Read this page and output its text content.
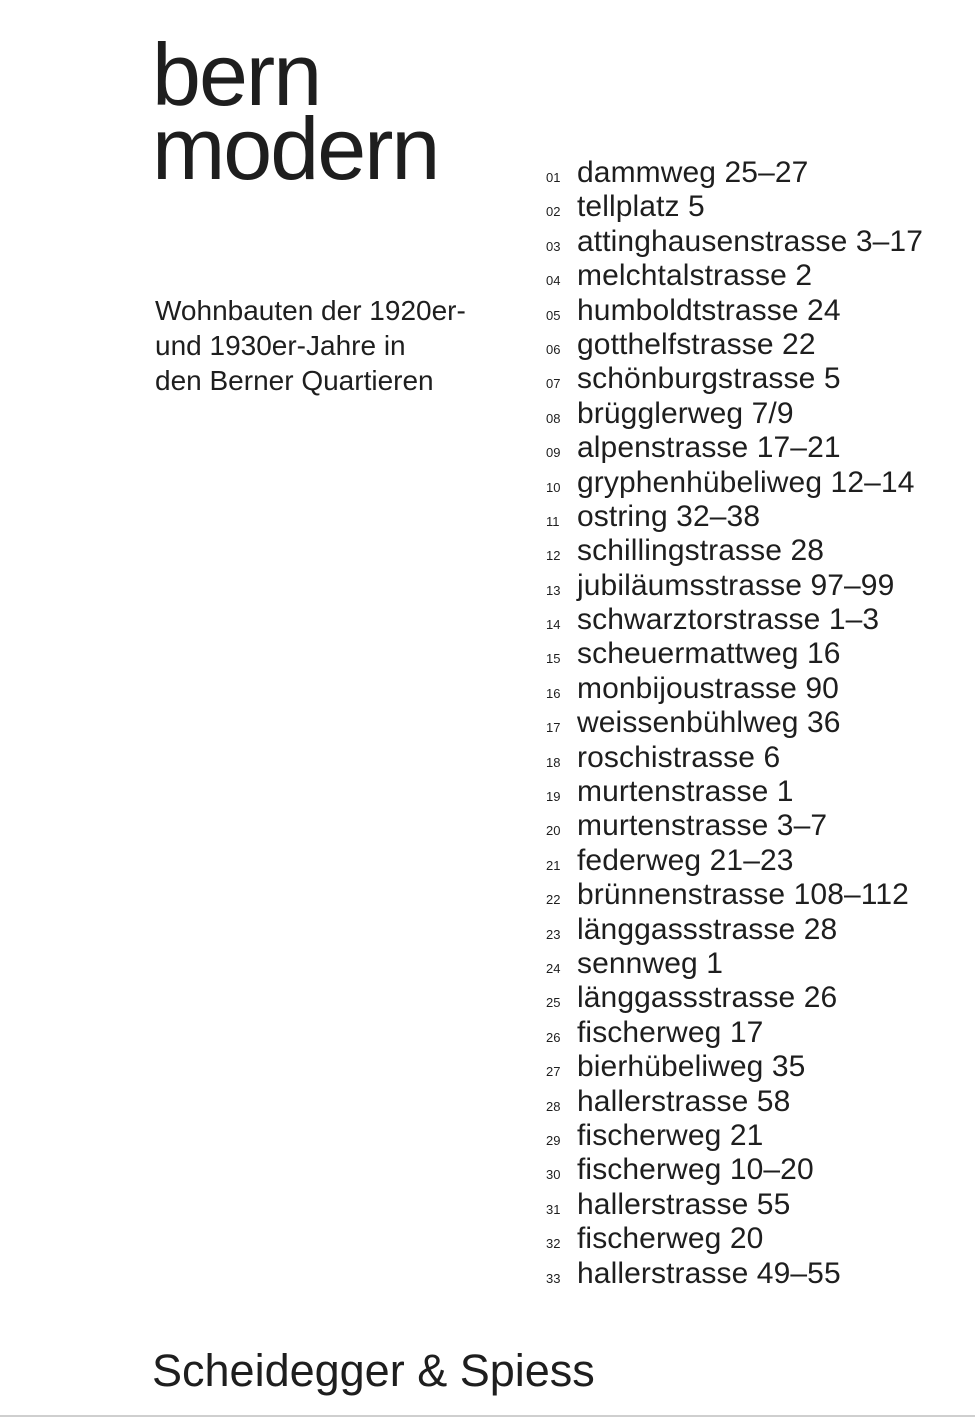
bern
modern
Wohnbauten der 1920er-
und 1930er-Jahre in
den Berner Quartieren
01 dammweg 25–27
02 tellplatz 5
03 attinghausenstrasse 3–17
04 melchtalstrasse 2
05 humboldtstrasse 24
06 gotthelfstrasse 22
07 schönburgstrasse 5
08 brügglerweg 7/9
09 alpenstrasse 17–21
10 gryphenhübeliweg 12–14
11 ostring 32–38
12 schillingstrasse 28
13 jubiläumsstrasse 97–99
14 schwarztorstrasse 1–3
15 scheuermattweg 16
16 monbijoustrasse 90
17 weissenbühlweg 36
18 roschistrasse 6
19 murtenstrasse 1
20 murtenstrasse 3–7
21 federweg 21–23
22 brünnenstrasse 108–112
23 länggassstrasse 28
24 sennweg 1
25 länggassstrasse 26
26 fischerweg 17
27 bierhübeliweg 35
28 hallerstrasse 58
29 fischerweg 21
30 fischerweg 10–20
31 hallerstrasse 55
32 fischerweg 20
33 hallerstrasse 49–55
Scheidegger & Spiess
